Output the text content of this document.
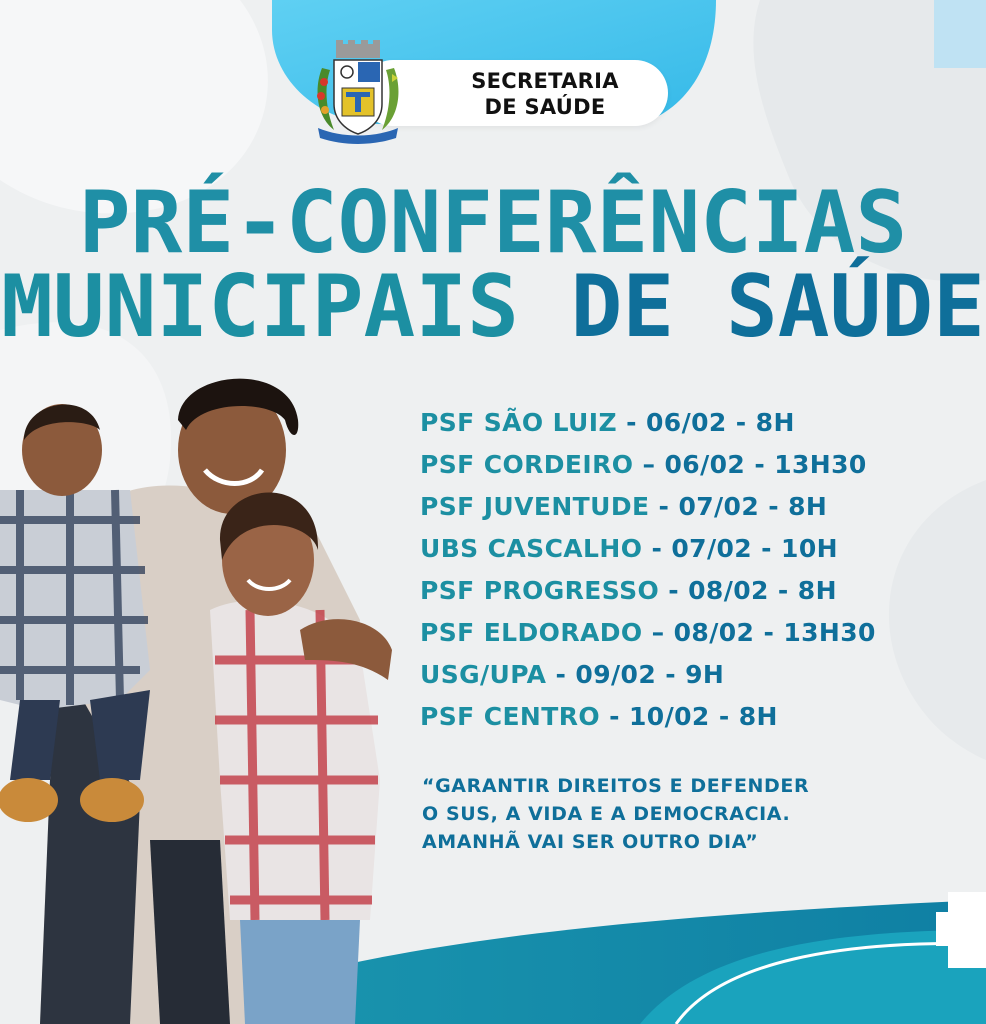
SECRETARIA
DE SAÚDE
PRÉ-CONFERÊNCIAS
MUNICIPAIS DE SAÚDE
PSF SÃO LUIZ - 06/02 - 8H
PSF CORDEIRO – 06/02 - 13H30
PSF JUVENTUDE - 07/02 - 8H
UBS CASCALHO - 07/02 - 10H
PSF PROGRESSO - 08/02 - 8H
PSF ELDORADO – 08/02 - 13H30
USG/UPA - 09/02 - 9H
PSF CENTRO - 10/02 - 8H
“GARANTIR DIREITOS E DEFENDER
O SUS, A VIDA E A DEMOCRACIA.
AMANHÃ VAI SER OUTRO DIA”
